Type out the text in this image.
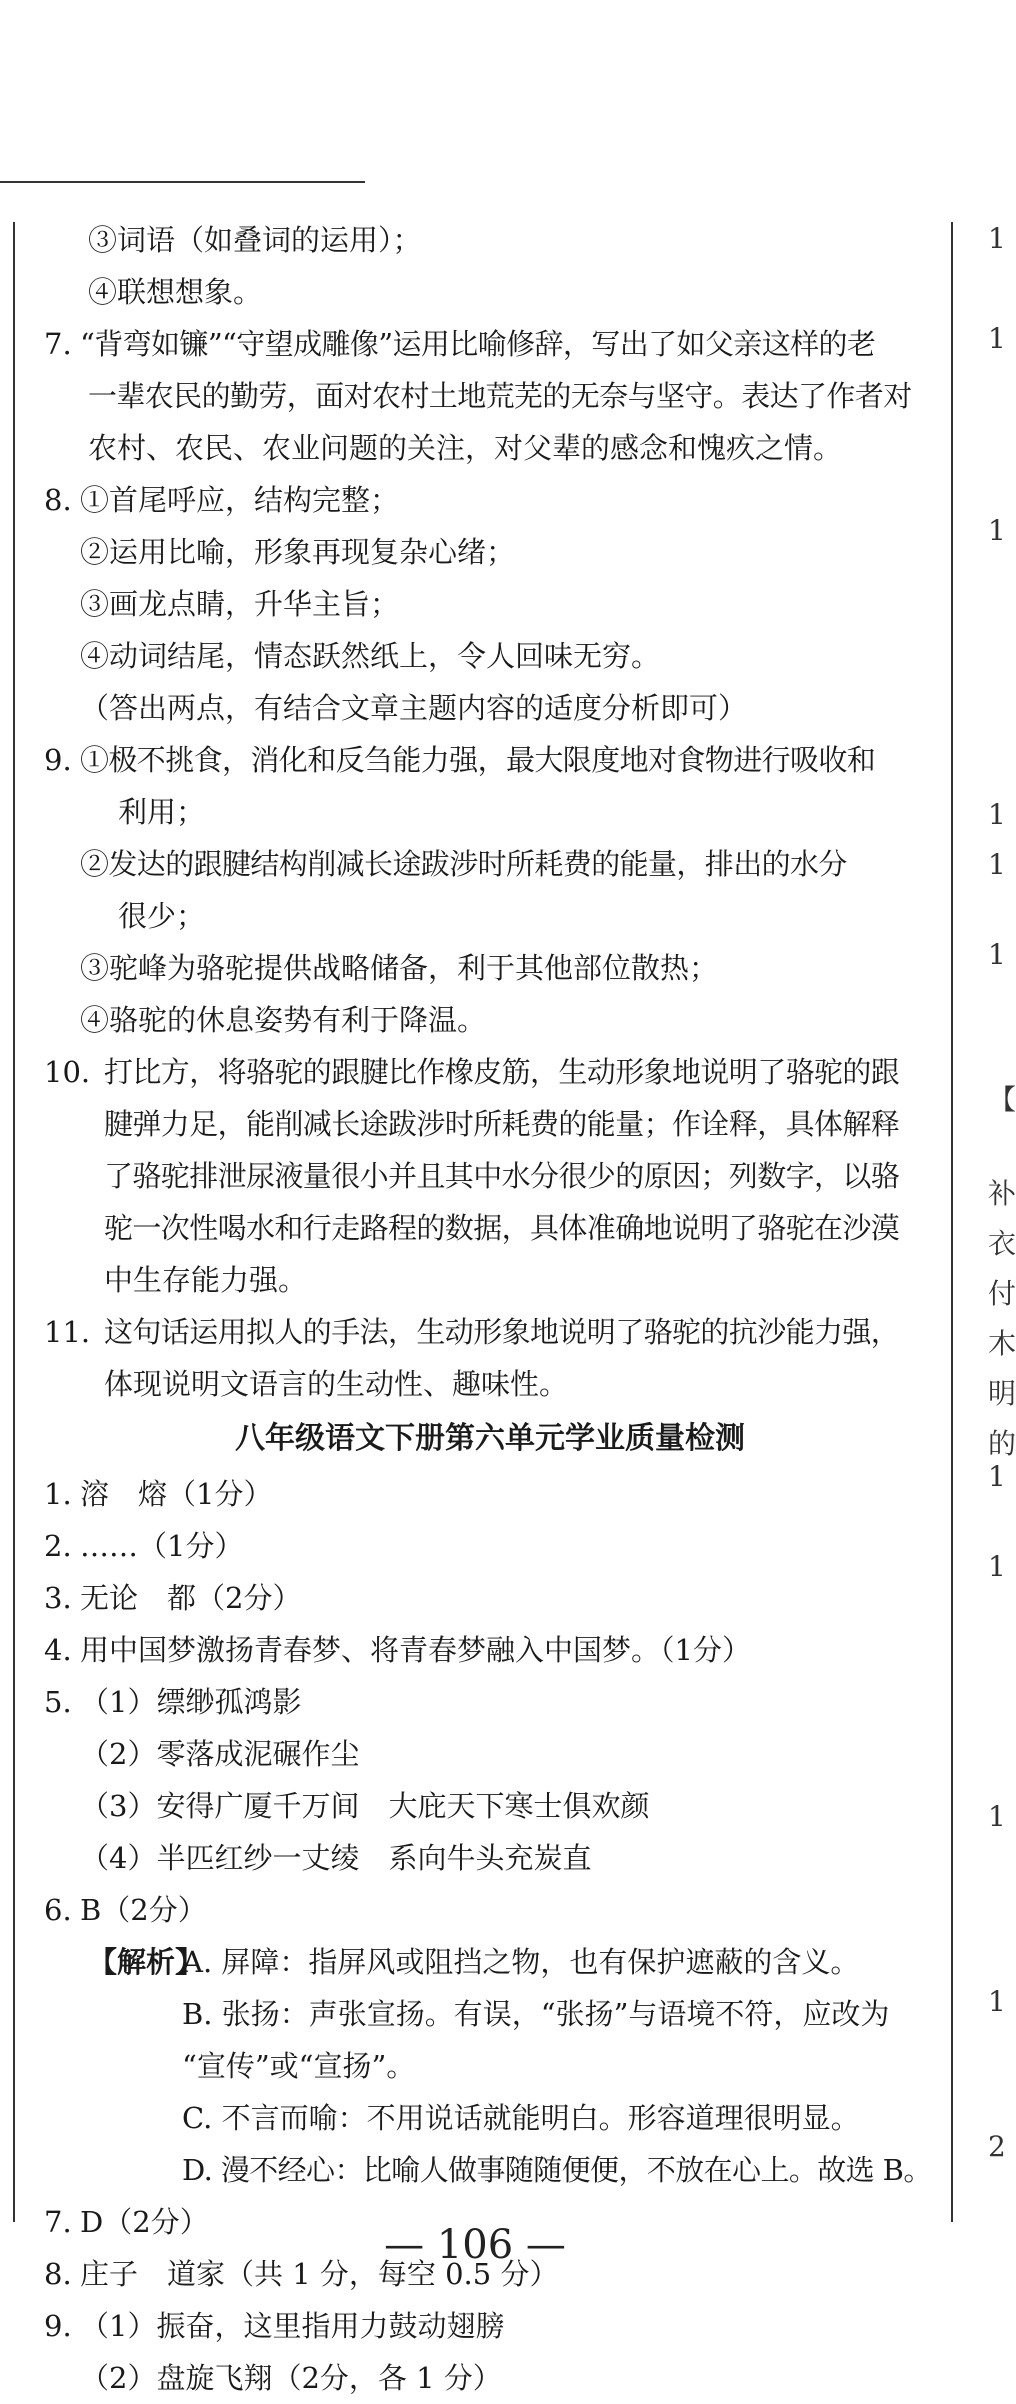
1
1
1
1
1
1
【
补
衣
付
木
明
的
1
1
1
1
2
③词语（如叠词的运用）；
④联想想象。
7. “背弯如镰”“守望成雕像”运用比喻修辞，写出了如父亲这样的老
一辈农民的勤劳，面对农村土地荒芜的无奈与坚守。表达了作者对
农村、农民、农业问题的关注，对父辈的感念和愧疚之情。
8. ①首尾呼应，结构完整；
②运用比喻，形象再现复杂心绪；
③画龙点睛，升华主旨；
④动词结尾，情态跃然纸上，令人回味无穷。
（答出两点，有结合文章主题内容的适度分析即可）
9. ①极不挑食，消化和反刍能力强，最大限度地对食物进行吸收和
利用；
②发达的跟腱结构削减长途跋涉时所耗费的能量，排出的水分
很少；
③驼峰为骆驼提供战略储备，利于其他部位散热；
④骆驼的休息姿势有利于降温。
10. 打比方，将骆驼的跟腱比作橡皮筋，生动形象地说明了骆驼的跟
腱弹力足，能削减长途跋涉时所耗费的能量；作诠释，具体解释
了骆驼排泄尿液量很小并且其中水分很少的原因；列数字，以骆
驼一次性喝水和行走路程的数据，具体准确地说明了骆驼在沙漠
中生存能力强。
11. 这句话运用拟人的手法，生动形象地说明了骆驼的抗沙能力强，
体现说明文语言的生动性、趣味性。
八年级语文下册第六单元学业质量检测
1. 溶　熔（1分）
2. ……（1分）
3. 无论　都（2分）
4. 用中国梦激扬青春梦、将青春梦融入中国梦。（1分）
5. （1）缥缈孤鸿影
（2）零落成泥碾作尘
（3）安得广厦千万间　大庇天下寒士俱欢颜
（4）半匹红纱一丈绫　系向牛头充炭直
6. B（2分）
【解析】
A. 屏障：指屏风或阻挡之物，也有保护遮蔽的含义。
B. 张扬：声张宣扬。有误，“张扬”与语境不符，应改为
“宣传”或“宣扬”。
C. 不言而喻：不用说话就能明白。形容道理很明显。
D. 漫不经心：比喻人做事随随便便，不放在心上。故选 B。
7. D（2分）
8. 庄子　道家（共 1 分，每空 0.5 分）
9. （1）振奋，这里指用力鼓动翅膀
（2）盘旋飞翔（2分，各 1 分）
— 106 —
